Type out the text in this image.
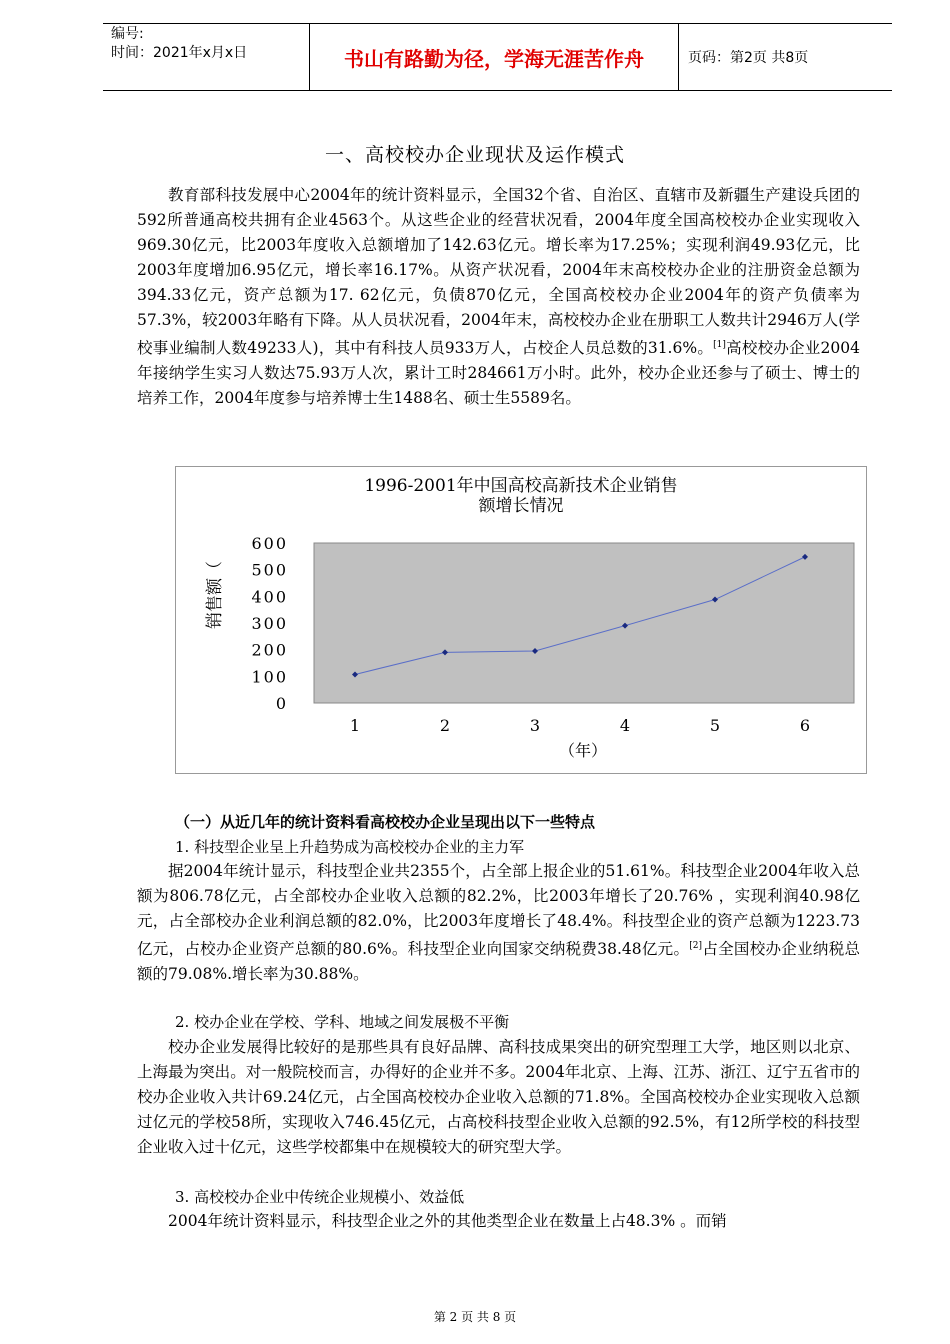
编号:
时间：2021年x月x日	书山有路勤为径，学海无涯苦作舟	页码：第2页 共8页
一、高校校办企业现状及运作模式

教育部科技发展中心2004年的统计资料显示，全国32个省、自治区、直辖市及新疆生产建设兵团的592所普通高校共拥有企业4563个。从这些企业的经营状况看，2004年度全国高校校办企业实现收入969.30亿元，比2003年度收入总额增加了142.63亿元。增长率为17.25%；实现利润49.93亿元，比2003年度增加6.95亿元，增长率16.17%。从资产状况看，2004年末高校校办企业的注册资金总额为394.33亿元，资产总额为17. 62亿元，负债870亿元，全国高校校办企业2004年的资产负债率为57.3%，较2003年略有下降。从人员状况看，2004年末，高校校办企业在册职工人数共计2946万人(学校事业编制人数49233人)，其中有科技人员933万人，占校企人员总数的31.6%。[1]高校校办企业2004年接纳学生实习人数达75.93万人次，累计工时284661万小时。此外，校办企业还参与了硕士、博士的培养工作，2004年度参与培养博士生1488名、硕士生5589名。

1996-2001年中国高校高新技术企业销售
额增长情况
0
100
200
300
400
500
600
1	2	3	4	5	6
销售额（
（年）
（一）从近几年的统计资料看高校校办企业呈现出以下一些特点
1. 科技型企业呈上升趋势成为高校校办企业的主力军

据2004年统计显示，科技型企业共2355个，占全部上报企业的51.61%。科技型企业2004年收入总额为806.78亿元，占全部校办企业收入总额的82.2%，比2003年增长了20.76% ，实现利润40.98亿元，占全部校办企业利润总额的82.0%，比2003年度增长了48.4%。科技型企业的资产总额为1223.73亿元，占校办企业资产总额的80.6%。科技型企业向国家交纳税费38.48亿元。[2]占全国校办企业纳税总额的79.08%.增长率为30.88%。

2. 校办企业在学校、学科、地域之间发展极不平衡

校办企业发展得比较好的是那些具有良好品牌、高科技成果突出的研究型理工大学，地区则以北京、上海最为突出。对一般院校而言，办得好的企业并不多。2004年北京、上海、江苏、浙江、辽宁五省市的校办企业收入共计69.24亿元，占全国高校校办企业收入总额的71.8%。全国高校校办企业实现收入总额过亿元的学校58所，实现收入746.45亿元，占高校科技型企业收入总额的92.5%，有12所学校的科技型企业收入过十亿元，这些学校都集中在规模较大的研究型大学。

3. 高校校办企业中传统企业规模小、效益低

2004年统计资料显示，科技型企业之外的其他类型企业在数量上占48.3% 。而销

第 2 页 共 8 页
